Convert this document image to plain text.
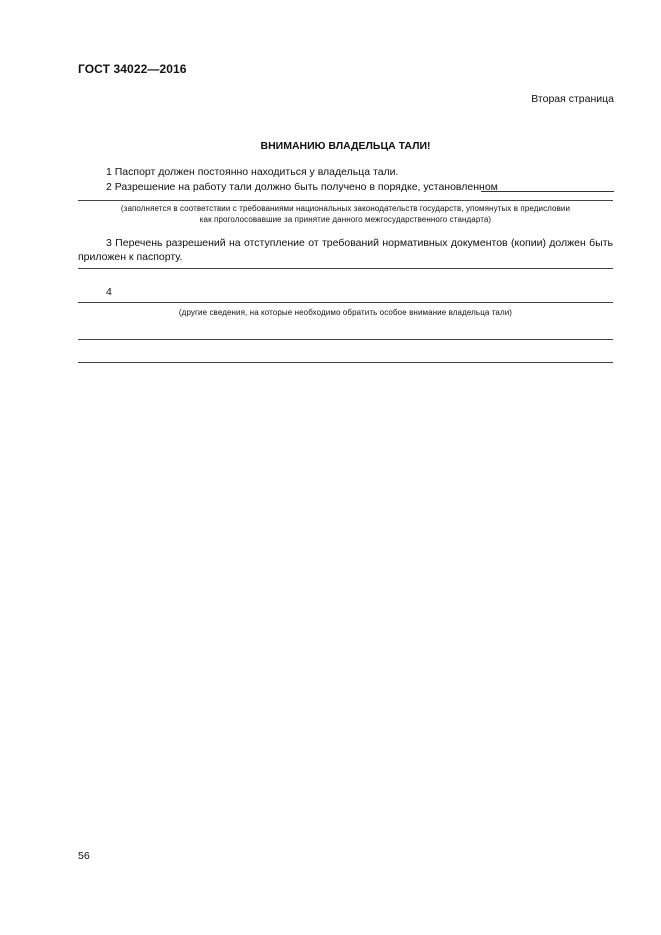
ГОСТ 34022—2016
Вторая страница
ВНИМАНИЮ ВЛАДЕЛЬЦА ТАЛИ!
1 Паспорт должен постоянно находиться у владельца тали.
2 Разрешение на работу тали должно быть получено в порядке, установленном
(заполняется в соответствии с требованиями национальных законодательств государств, упомянутых в предисловии
как проголосовавшие за принятие данного межгосударственного стандарта)
3 Перечень разрешений на отступление от требований нормативных документов (копии) должен быть приложен к паспорту.
4
(другие сведения, на которые необходимо обратить особое внимание владельца тали)
56
